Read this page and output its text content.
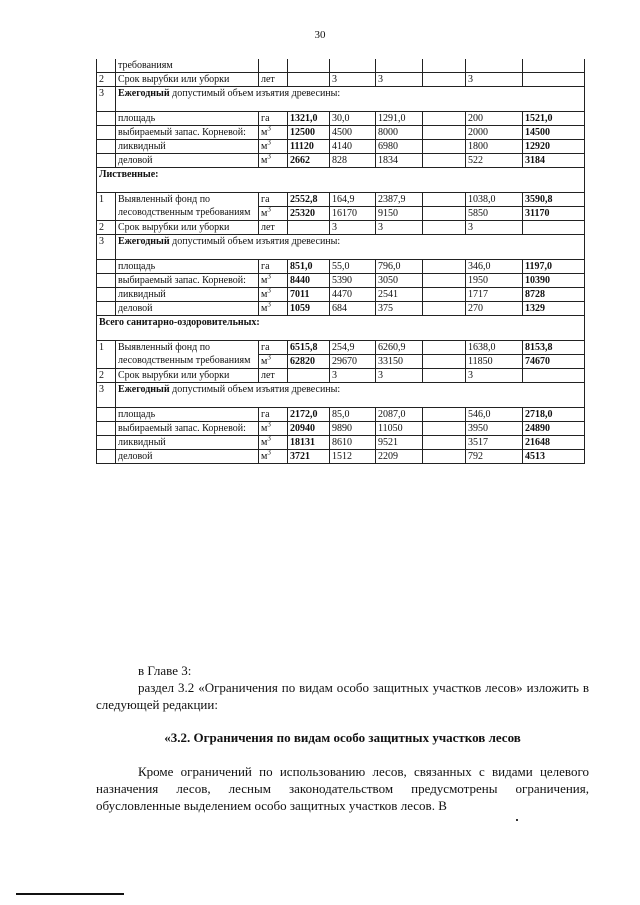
30
	требованиям							
2	Срок вырубки или уборки	лет		3	3		3	
3	Ежегодный допустимый объем изъятия древесины:							
	площадь	га	1321,0	30,0	1291,0		200	1521,0
	выбираемый запас. Корневой:	$м^3$	12500	4500	8000		2000	14500
	ликвидный	$м^3$	11120	4140	6980		1800	12920
	деловой	$м^3$	2662	828	1834		522	3184
Лиственные:								
1	Выявленный фонд по лесоводственным требованиям	га	2552,8	164,9	2387,9		1038,0	3590,8
		$м^3$	25320	16170	9150		5850	31170
2	Срок вырубки или уборки	лет		3	3		3	
3	Ежегодный допустимый объем изъятия древесины:							
	площадь	га	851,0	55,0	796,0		346,0	1197,0
	выбираемый запас. Корневой:	$м^3$	8440	5390	3050		1950	10390
	ликвидный	$м^3$	7011	4470	2541		1717	8728
	деловой	$м^3$	1059	684	375		270	1329
Всего санитарно-оздоровительных:								
1	Выявленный фонд по лесоводственным требованиям	га	6515,8	254,9	6260,9		1638,0	8153,8
		$м^3$	62820	29670	33150		11850	74670
2	Срок вырубки или уборки	лет		3	3		3	
3	Ежегодный допустимый объем изъятия древесины:							
	площадь	га	2172,0	85,0	2087,0		546,0	2718,0
	выбираемый запас. Корневой:	$м^3$	20940	9890	11050		3950	24890
	ликвидный	$м^3$	18131	8610	9521		3517	21648
	деловой	$м^3$	3721	1512	2209		792	4513
в Главе 3:
раздел 3.2 «Ограничения по видам особо защитных участков лесов» изложить в следующей редакции:
«3.2. Ограничения по видам особо защитных участков лесов
Кроме ограничений по использованию лесов, связанных с видами целевого назначения лесов, лесным законодательством предусмотрены ограничения, обусловленные выделением особо защитных участков лесов. В
